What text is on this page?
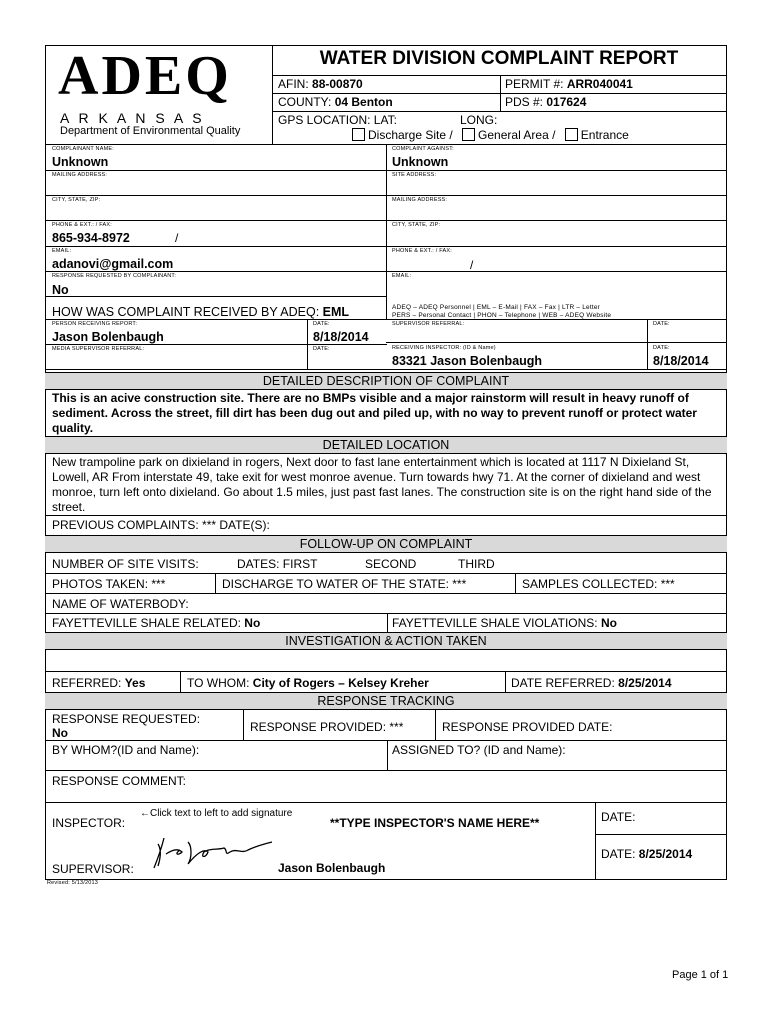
ADEQ
A R K A N S A S
Department of Environmental Quality
WATER DIVISION COMPLAINT REPORT
AFIN: 88-00870	PERMIT #: ARR040041
COUNTY: 04 Benton	PDS #: 017624
GPS LOCATION: LAT:	LONG:
Discharge Site / General Area / Entrance
COMPLAINANT NAME:
Unknown
MAILING ADDRESS:
CITY, STATE, ZIP:
PHONE & EXT.: / FAX:
865-934-8972	/
EMAIL:
adanovi@gmail.com
RESPONSE REQUESTED BY COMPLAINANT:
No
COMPLAINT AGAINST:
Unknown
SITE ADDRESS:
MAILING ADDRESS:
CITY, STATE, ZIP:
PHONE & EXT.: / FAX:
/
EMAIL:
HOW WAS COMPLAINT RECEIVED BY ADEQ: EML	ADEQ – ADEQ Personnel | EML – E-Mail | FAX – Fax | LTR – Letter
PERS – Personal Contact | PHON – Telephone | WEB – ADEQ Website
PERSON RECEIVING REPORT:
Jason Bolenbaugh
DATE:
8/18/2014
MEDIA SUPERVISOR REFERRAL:	DATE:
SUPERVISOR REFERRAL:	DATE:
RECEIVING INSPECTOR: (ID & Name)
83321 Jason Bolenbaugh
DATE:
8/18/2014
DETAILED DESCRIPTION OF COMPLAINT
This is an acive construction site. There are no BMPs visible and a major rainstorm will result in heavy runoff of sediment. Across the street, fill dirt has been dug out and piled up, with no way to prevent runoff or protect water quality.
DETAILED LOCATION
New trampoline park on dixieland in rogers, Next door to fast lane entertainment which is located at 1117 N Dixieland St, Lowell, AR From interstate 49, take exit for west monroe avenue. Turn towards hwy 71. At the corner of dixieland and west monroe, turn left onto dixieland. Go about 1.5 miles, just past fast lanes. The construction site is on the right hand side of the street.
PREVIOUS COMPLAINTS: *** DATE(S):
FOLLOW-UP ON COMPLAINT
NUMBER OF SITE VISITS:	DATES: FIRST	SECOND	THIRD
PHOTOS TAKEN: ***	DISCHARGE TO WATER OF THE STATE: ***	SAMPLES COLLECTED: ***
NAME OF WATERBODY:
FAYETTEVILLE SHALE RELATED: No	FAYETTEVILLE SHALE VIOLATIONS: No
INVESTIGATION & ACTION TAKEN
REFERRED: Yes	TO WHOM: City of Rogers – Kelsey Kreher	DATE REFERRED: 8/25/2014
RESPONSE TRACKING
RESPONSE REQUESTED:
No	RESPONSE PROVIDED: ***	RESPONSE PROVIDED DATE:
BY WHOM?(ID and Name):	ASSIGNED TO? (ID and Name):
RESPONSE COMMENT:
INSPECTOR:
←Click text to left to add signature
**TYPE INSPECTOR'S NAME HERE**	DATE:
SUPERVISOR:	Jason Bolenbaugh
DATE: 8/25/2014
Revised: 5/13/2013
Page 1 of 1
